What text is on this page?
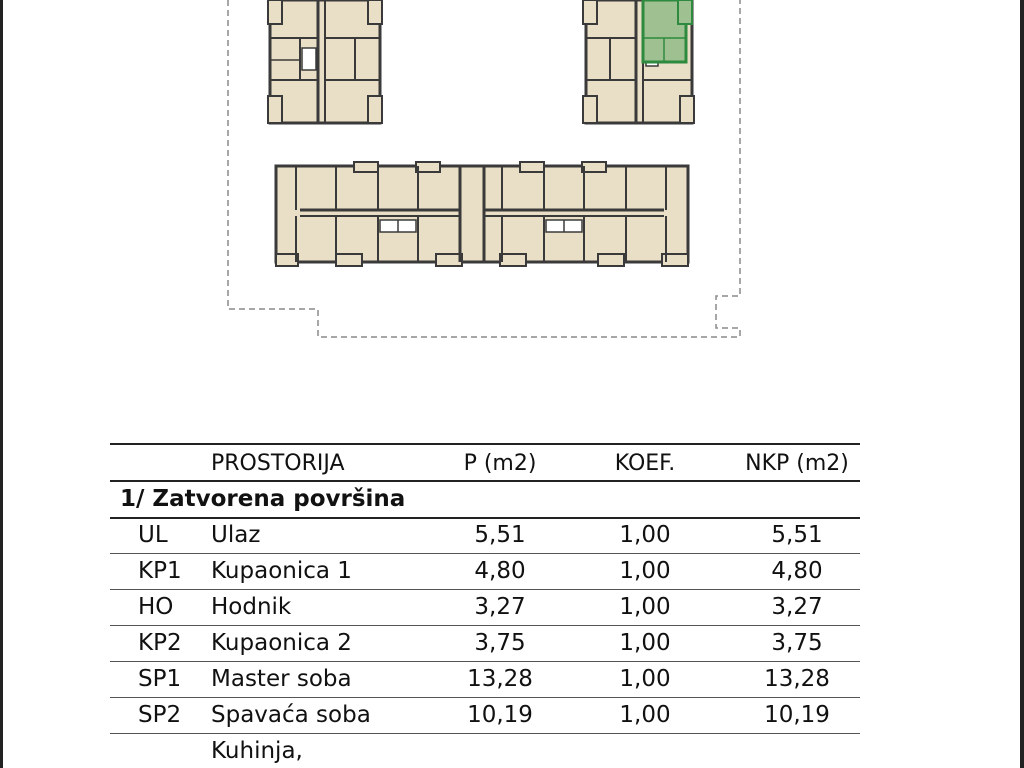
PROSTORIJA	P (m2)	KOEF.	NKP (m2)
1/ Zatvorena površina
UL Ulaz	5,51	1,00	5,51
KP1 Kupaonica 1	4,80	1,00	4,80
HO Hodnik	3,27	1,00	3,27
KP2 Kupaonica 2	3,75	1,00	3,75
SP1 Master soba	13,28	1,00	13,28
SP2 Spavaća soba	10,19	1,00	10,19
Kuhinja,
